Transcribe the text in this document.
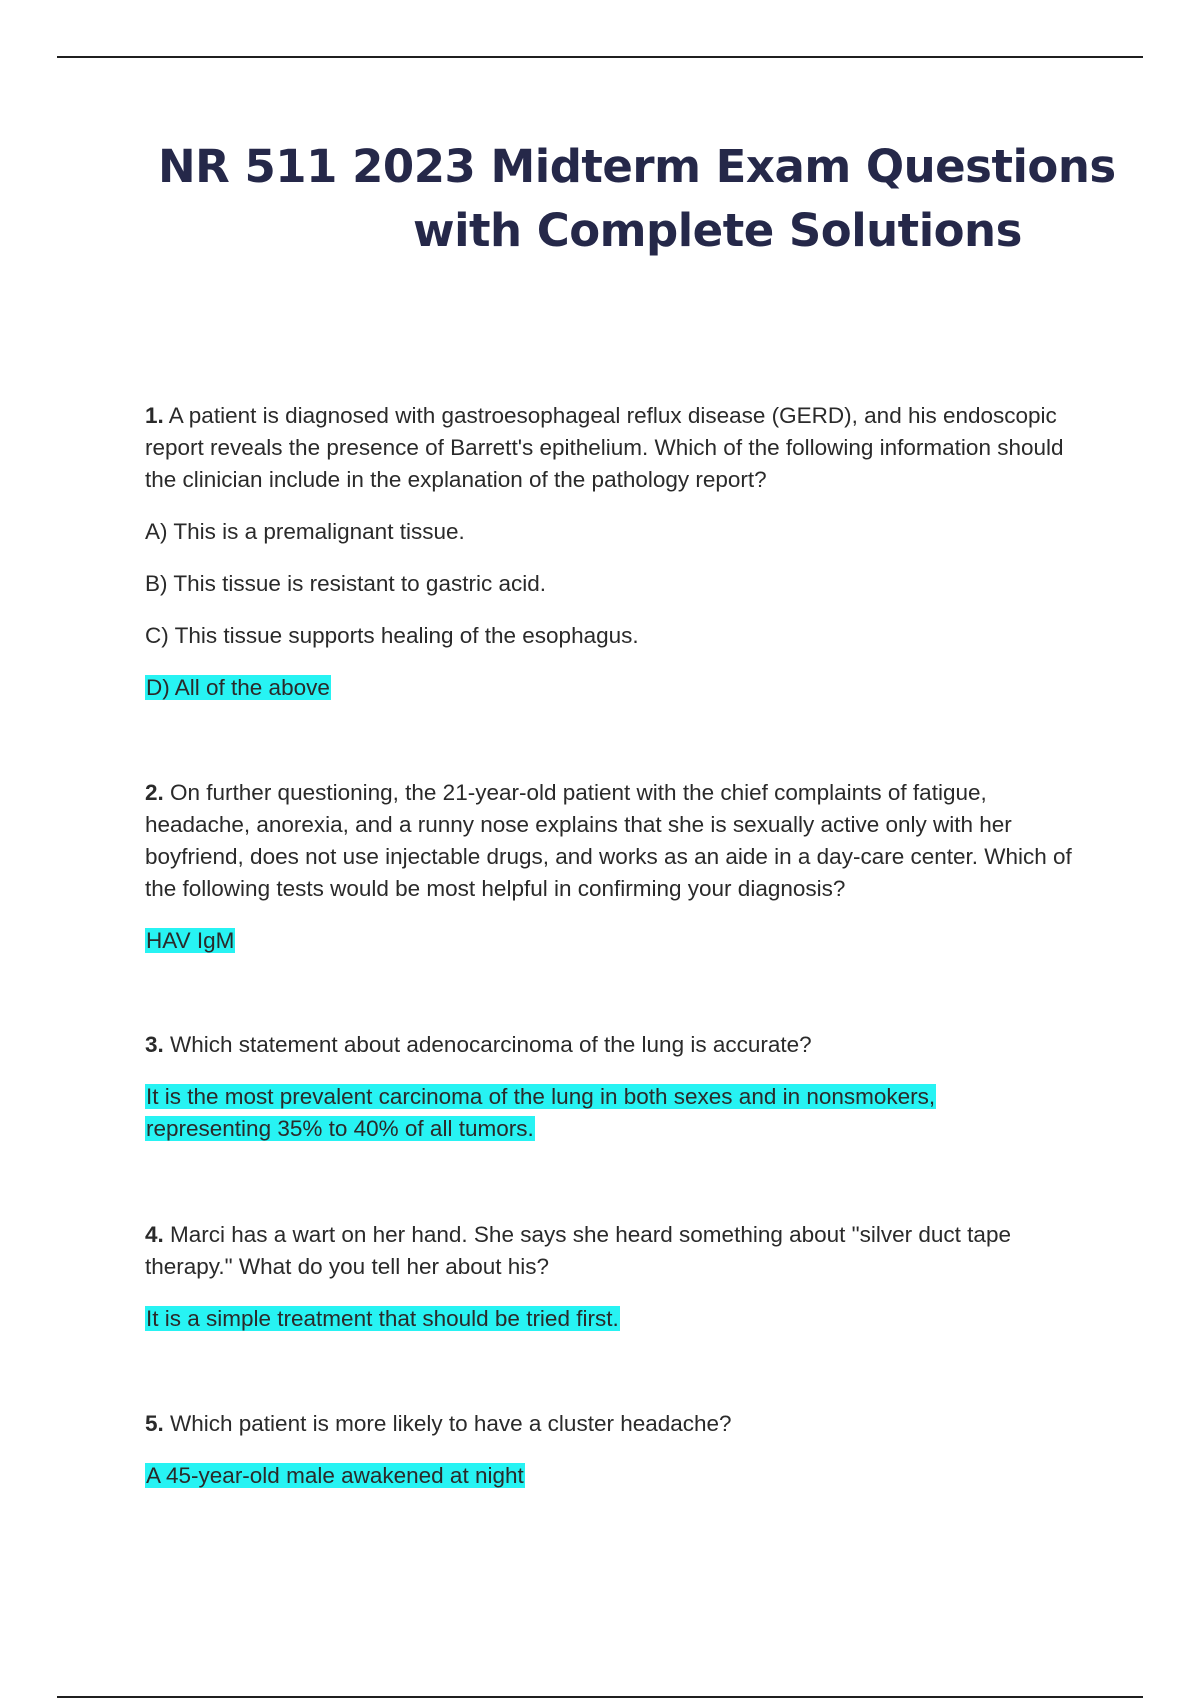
NR 511 2023 Midterm Exam Questions
with Complete Solutions

1. A patient is diagnosed with gastroesophageal reflux disease (GERD), and his endoscopic report reveals the presence of Barrett's epithelium. Which of the following information should the clinician include in the explanation of the pathology report?

A) This is a premalignant tissue.

B) This tissue is resistant to gastric acid.

C) This tissue supports healing of the esophagus.

D) All of the above

2. On further questioning, the 21-year-old patient with the chief complaints of fatigue, headache, anorexia, and a runny nose explains that she is sexually active only with her boyfriend, does not use injectable drugs, and works as an aide in a day-care center. Which of the following tests would be most helpful in confirming your diagnosis?

HAV IgM

3. Which statement about adenocarcinoma of the lung is accurate?

It is the most prevalent carcinoma of the lung in both sexes and in nonsmokers, representing 35% to 40% of all tumors.

4. Marci has a wart on her hand. She says she heard something about "silver duct tape therapy." What do you tell her about his?

It is a simple treatment that should be tried first.

5. Which patient is more likely to have a cluster headache?

A 45-year-old male awakened at night
